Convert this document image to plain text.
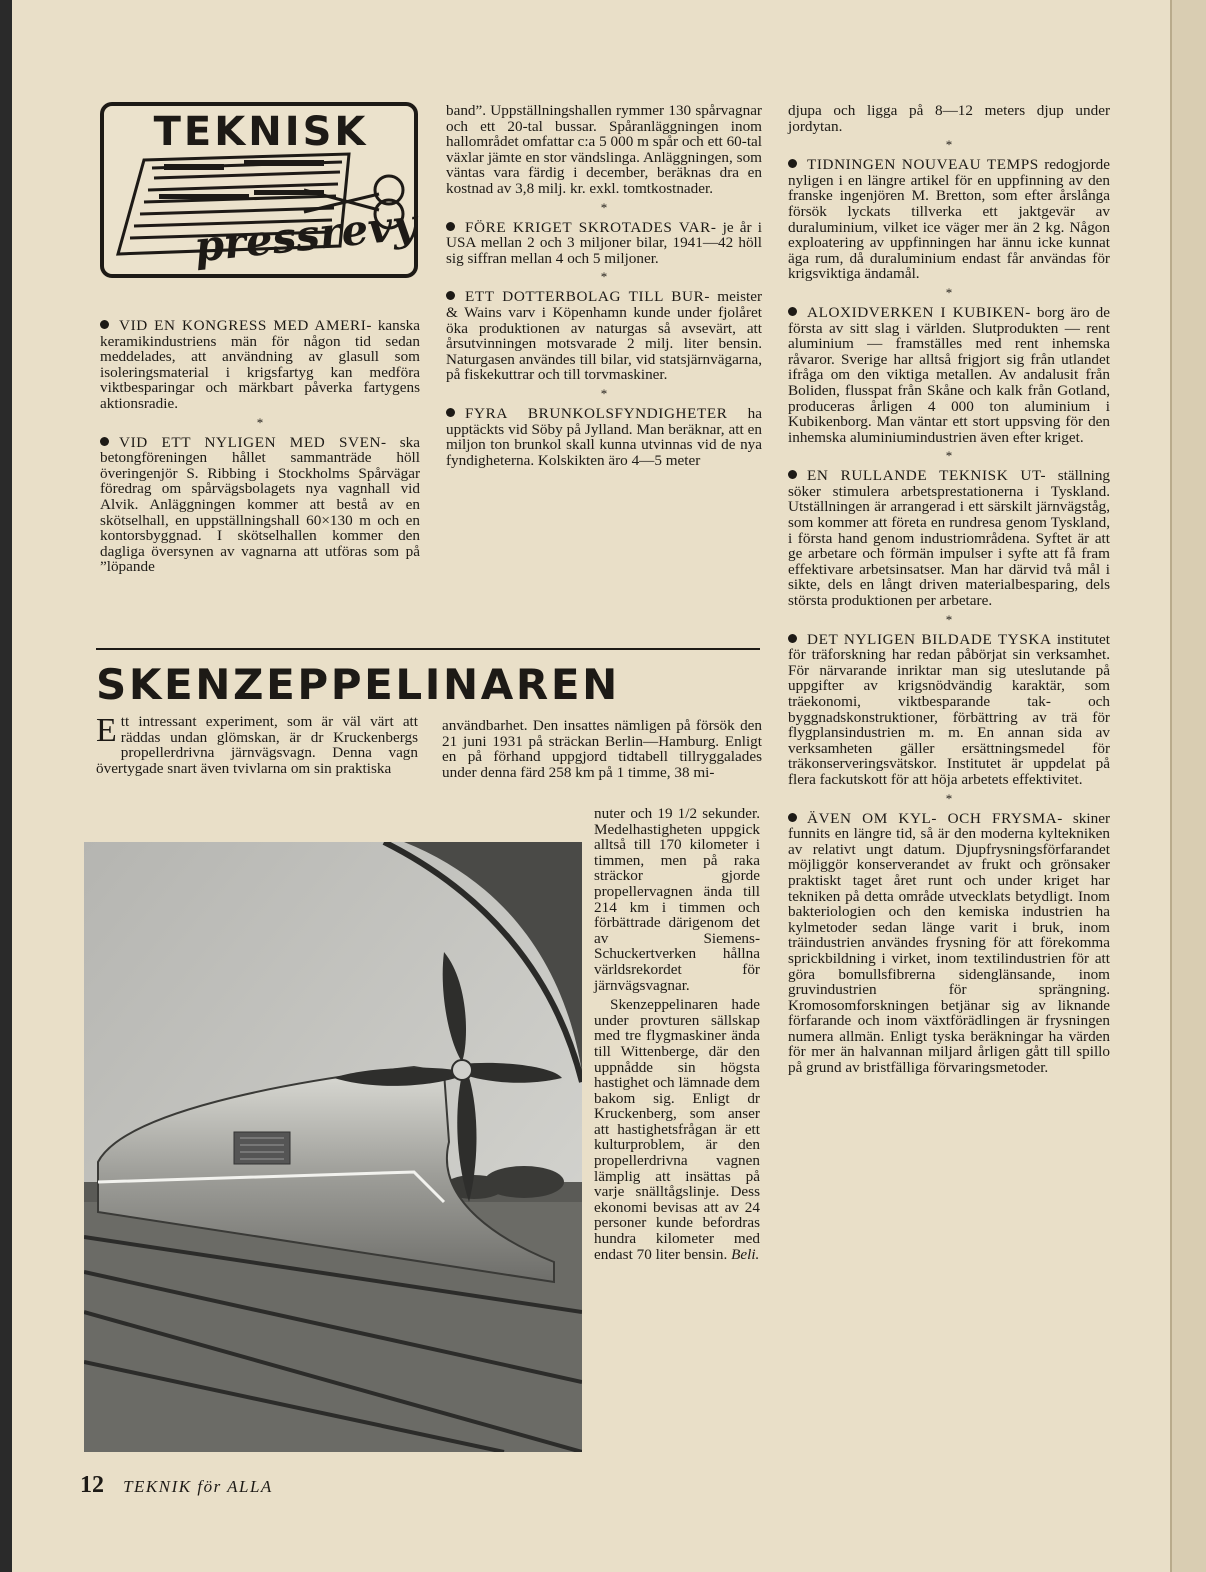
TEKNISK
pressrevy

VID EN KONGRESS MED AMERI- kanska keramikindustriens män för någon tid sedan meddelades, att användning av glasull som isoleringsmaterial i krigsfartyg kan medföra viktbesparingar och märkbart påverka fartygens aktionsradie.

*

VID ETT NYLIGEN MED SVEN- ska betongföreningen hållet sammanträde höll överingenjör S. Ribbing i Stockholms Spårvägar föredrag om spårvägsbolagets nya vagnhall vid Alvik. Anläggningen kommer att bestå av en skötselhall, en uppställningshall 60×130 m och en kontorsbyggnad. I skötselhallen kommer den dagliga översynen av vagnarna att utföras som på ”löpande

band”. Uppställningshallen rymmer 130 spårvagnar och ett 20-tal bussar. Spåranläggningen inom hallområdet omfattar c:a 5 000 m spår och ett 60-tal växlar jämte en stor vändslinga. Anläggningen, som väntas vara färdig i december, beräknas dra en kostnad av 3,8 milj. kr. exkl. tomtkostnader.

*

FÖRE KRIGET SKROTADES VAR- je år i USA mellan 2 och 3 miljoner bilar, 1941—42 höll sig siffran mellan 4 och 5 miljoner.

*

ETT DOTTERBOLAG TILL BUR- meister & Wains varv i Köpenhamn kunde under fjolåret öka produktionen av naturgas så avsevärt, att årsutvinningen motsvarade 2 milj. liter bensin. Naturgasen användes till bilar, vid statsjärnvägarna, på fiskekuttrar och till torvmaskiner.

*

FYRA BRUNKOLSFYNDIGHETER ha upptäckts vid Söby på Jylland. Man beräknar, att en miljon ton brunkol skall kunna utvinnas vid de nya fyndigheterna. Kolskikten äro 4—5 meter

djupa och ligga på 8—12 meters djup under jordytan.

*

TIDNINGEN NOUVEAU TEMPS redogjorde nyligen i en längre artikel för en uppfinning av den franske ingenjören M. Bretton, som efter årslånga försök lyckats tillverka ett jaktgevär av duraluminium, vilket ice väger mer än 2 kg. Någon exploatering av uppfinningen har ännu icke kunnat äga rum, då duraluminium endast får användas för krigsviktiga ändamål.

*

ALOXIDVERKEN I KUBIKEN- borg äro de första av sitt slag i världen. Slutprodukten — rent aluminium — framställes med rent inhemska råvaror. Sverige har alltså frigjort sig från utlandet ifråga om den viktiga metallen. Av andalusit från Boliden, flusspat från Skåne och kalk från Gotland, produceras årligen 4 000 ton aluminium i Kubikenborg. Man väntar ett stort uppsving för den inhemska aluminiumindustrien även efter kriget.

*

EN RULLANDE TEKNISK UT- ställning söker stimulera arbetsprestationerna i Tyskland. Utställningen är arrangerad i ett särskilt järnvägståg, som kommer att företa en rundresa genom Tyskland, i första hand genom industriområdena. Syftet är att ge arbetare och förmän impulser i syfte att få fram effektivare arbetsinsatser. Man har därvid två mål i sikte, dels en långt driven materialbesparing, dels största produktionen per arbetare.

*

DET NYLIGEN BILDADE TYSKA institutet för träforskning har redan påbörjat sin verksamhet. För närvarande inriktar man sig uteslutande på uppgifter av krigsnödvändig karaktär, som träekonomi, viktbesparande tak- och byggnadskonstruktioner, förbättring av trä för flygplansindustrien m. m. En annan sida av verksamheten gäller ersättningsmedel för träkonserveringsvätskor. Institutet är uppdelat på flera fackutskott för att höja arbetets effektivitet.

*

ÄVEN OM KYL- OCH FRYSMA- skiner funnits en längre tid, så är den moderna kyltekniken av relativt ungt datum. Djupfrysningsförfarandet möjliggör konserverandet av frukt och grönsaker praktiskt taget året runt och under kriget har tekniken på detta område utvecklats betydligt. Inom bakteriologien och den kemiska industrien ha kylmetoder sedan länge varit i bruk, inom träindustrien användes frysning för att förekomma sprickbildning i virket, inom textilindustrien för att göra bomullsfibrerna sidenglänsande, inom gruvindustrien för sprängning. Kromosomforskningen betjänar sig av liknande förfarande och inom växtförädlingen är frysningen numera allmän. Enligt tyska beräkningar ha värden för mer än halvannan miljard årligen gått till spillo på grund av bristfälliga förvaringsmetoder.

SKENZEPPELINAREN

Ett intressant experiment, som är väl värt att räddas undan glömskan, är dr Kruckenbergs propellerdrivna järnvägsvagn. Denna vagn övertygade snart även tvivlarna om sin praktiska

användbarhet. Den insattes nämligen på försök den 21 juni 1931 på sträckan Berlin—Hamburg. Enligt en på förhand uppgjord tidtabell tillryggalades under denna färd 258 km på 1 timme, 38 mi-

nuter och 19 1/2 sekunder. Medelhastigheten uppgick alltså till 170 kilometer i timmen, men på raka sträckor gjorde propellervagnen ända till 214 km i timmen och förbättrade därigenom det av Siemens-Schuckertverken hållna världsrekordet för järnvägsvagnar.

Skenzeppelinaren hade under provturen sällskap med tre flygmaskiner ända till Wittenberge, där den uppnådde sin högsta hastighet och lämnade dem bakom sig. Enligt dr Kruckenberg, som anser att hastighetsfrågan är ett kulturproblem, är den propellerdrivna vagnen lämplig att insättas på varje snälltågslinje. Dess ekonomi bevisas att av 24 personer kunde befordras hundra kilometer med endast 70 liter bensin. Beli.

12 TEKNIK för ALLA
